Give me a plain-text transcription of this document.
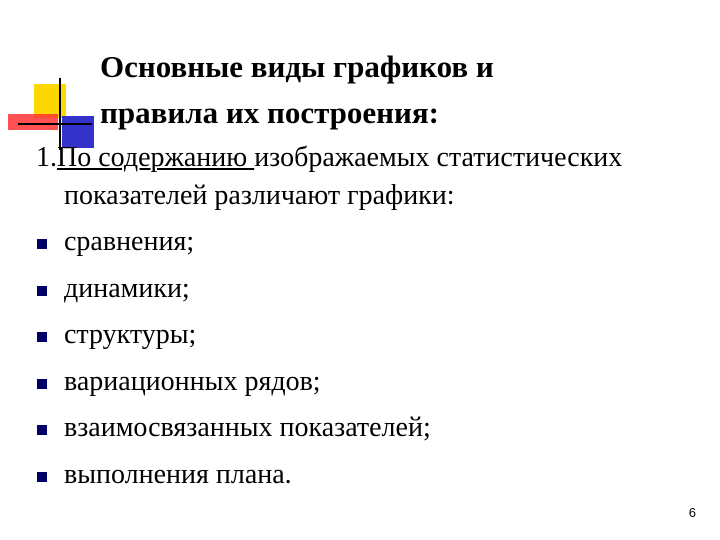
Основные виды графиков и
правила их построения:
1.По содержанию изображаемых статистических
показателей различают графики:
сравнения;
динамики;
структуры;
вариационных рядов;
взаимосвязанных показателей;
выполнения плана.
6
